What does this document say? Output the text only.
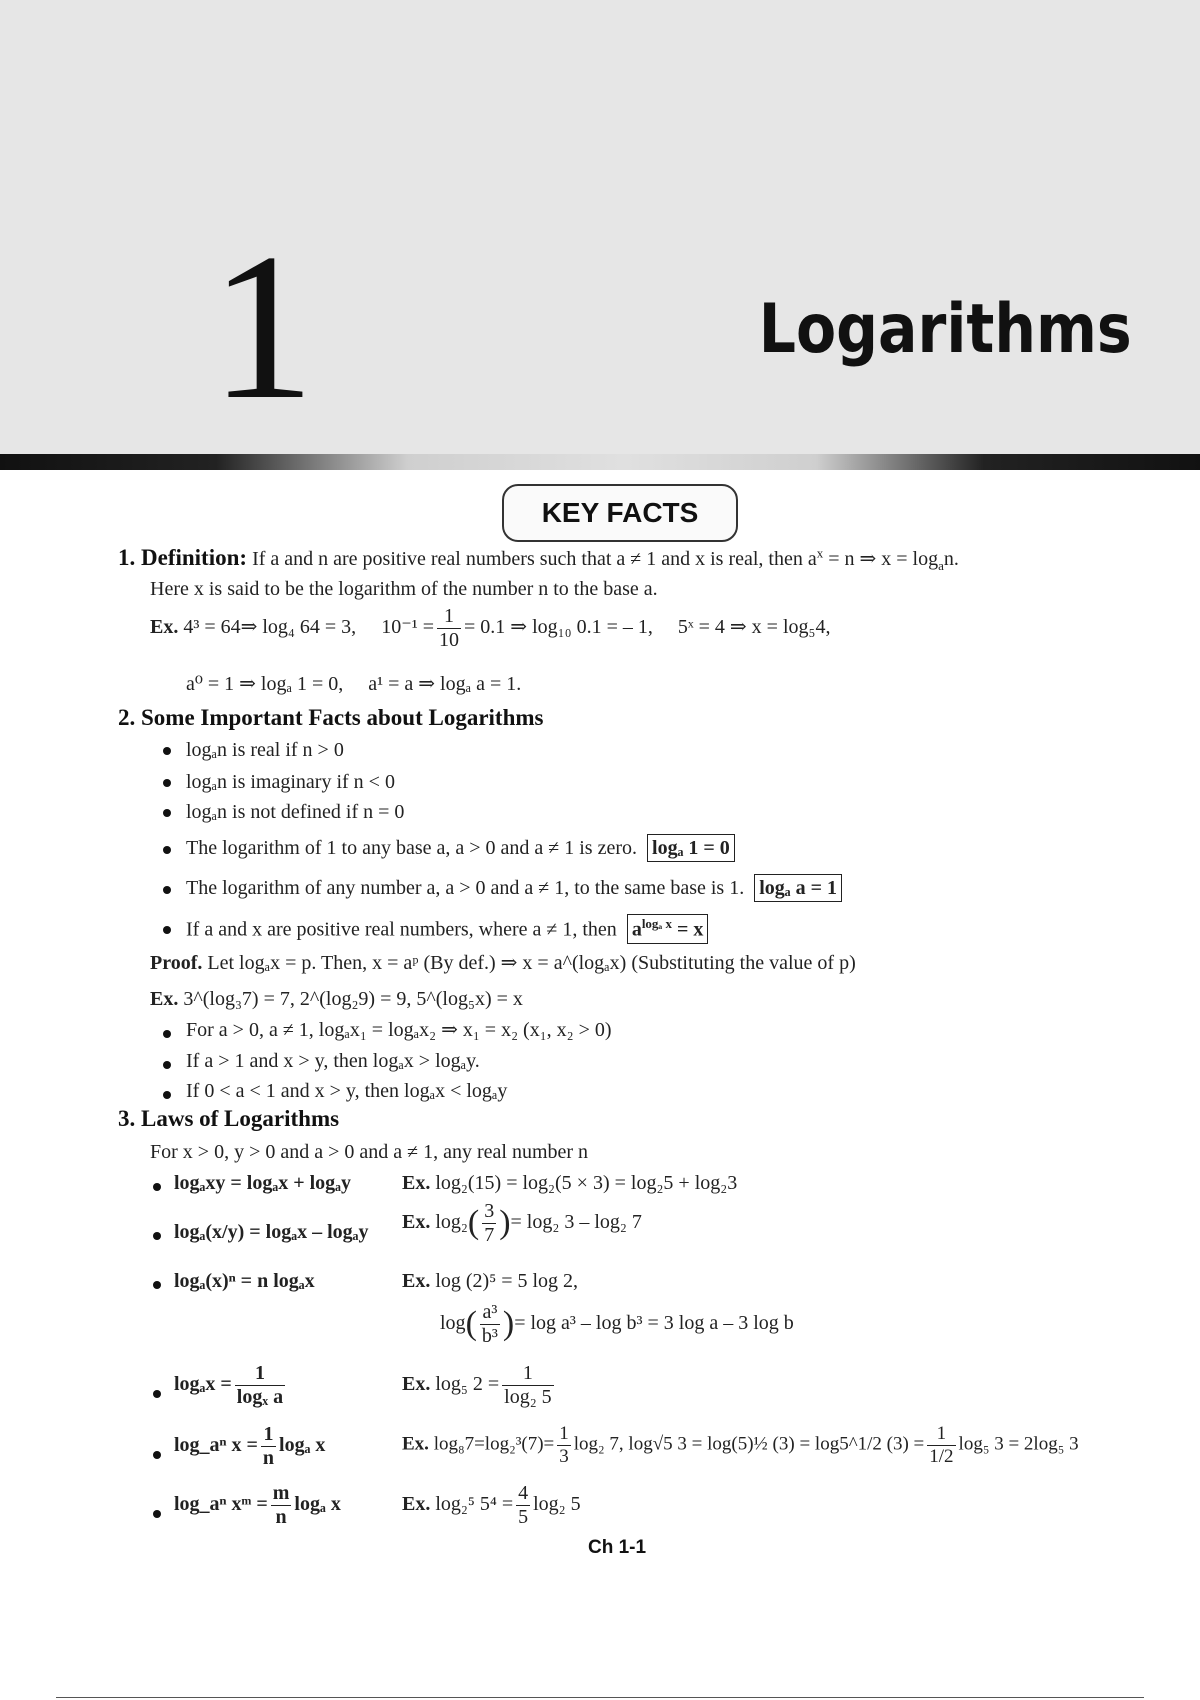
1	Logarithms
KEY FACTS
1. Definition: If a and n are positive real numbers such that a ≠ 1 and x is real, then $a^x = n$ ⇒ $x = \log_an$.
Here x is said to be the logarithm of the number n to the base a.
Ex. 4³ = 64⇒ log₄ 64 = 3, $10^{-1} = \frac{1}{10} = 0.1$ ⇒ log₁₀ 0.1 = – 1, 5ˣ = 4 ⇒ x = log₅4,
a⁰ = 1 ⇒ logₐ 1 = 0, a¹ = a ⇒ logₐ a = 1.
2. Some Important Facts about Logarithms
logₐn is real if n > 0
logₐn is imaginary if n < 0
logₐn is not defined if n = 0
The logarithm of 1 to any base a, a > 0 and a ≠ 1 is zero. logₐ 1 = 0
The logarithm of any number a, a > 0 and a ≠ 1, to the same base is 1. logₐ a = 1
If a and x are positive real numbers, where a ≠ 1, then $a^{log_a x} = x$
Proof. Let logₐx = p. Then, x = aᵖ (By def.) ⇒ x = a^(logₐx) (Substituting the value of p)
Ex. 3^(log₃7) = 7, 2^(log₂9) = 9, 5^(log₅x) = x
For a > 0, a ≠ 1, logₐx₁ = logₐx₂ ⇒ x₁ = x₂ (x₁, x₂ > 0)
If a > 1 and x > y, then logₐx > logₐy.
If 0 < a < 1 and x > y, then logₐx < logₐy
3. Laws of Logarithms
For x > 0, y > 0 and a > 0 and a ≠ 1, any real number n
logₐxy = logₐx + logₐy	Ex. log₂(15) = log₂(5 × 3) = log₂5 + log₂3
logₐ(x/y) = logₐx – logₐy Ex. $\log_2( \frac{3}{7}$ )= log₂ 3 – log₂ 7
logₐ(x)ⁿ = n logₐx	Ex. log (2)⁵ = 5 log 2,
$\log( \frac{\text{a³}}{\text{b³}}$ )= log a³ – log b³ = 3 log a – 3 log b
$\log_ax = \frac{1}{\text{logₓ a}}$	Ex. log₅ $2 = \frac{1}{\text{log₂ 5}}$
log_aⁿ $x = \frac{1}{n}$ logₐ x	Ex. $\log_87=\log_2^3(7)= \frac{1}{3} \log_2$ 7, log√5 3 = log(5)½ (3) = log5^1/2 $(3) = \frac{1}{1/2} \log_5$ 3 = 2log₅ 3
log_aⁿ xᵐ = $\frac{m}{n}$ logₐ x	Ex. log₂⁵ $5^4 = \frac{4}{5} \log_2$ 5
Ch 1-1
